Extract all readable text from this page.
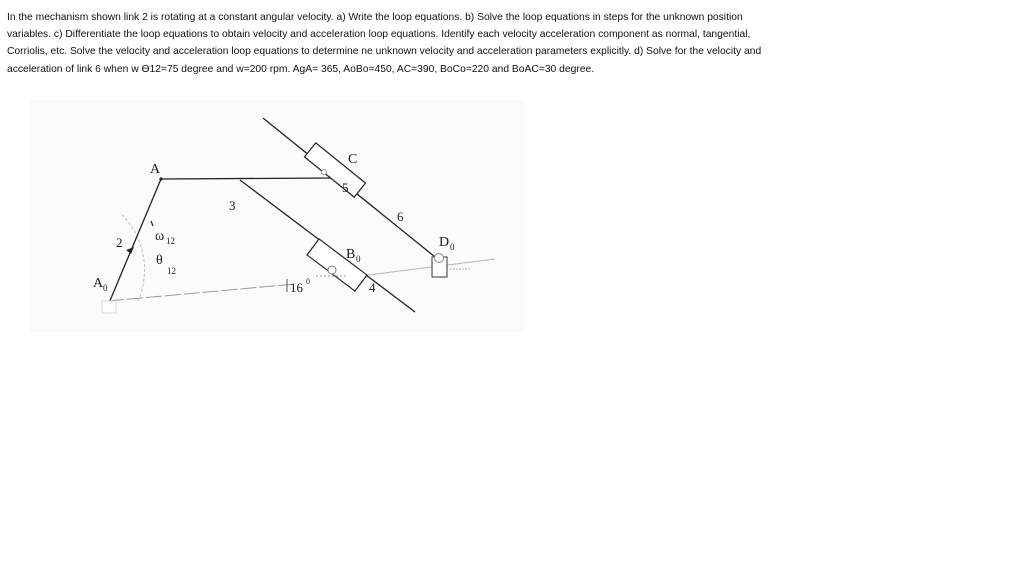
In the mechanism shown link 2 is rotating at a constant angular velocity. a) Write the loop equations. b) Solve the loop equations in steps for the unknown position variables. c) Differentiate the loop equations to obtain velocity and acceleration loop equations. Identify each velocity acceleration component as normal, tangential, Corriolis, etc. Solve the velocity and acceleration loop equations to determine ne unknown velocity and acceleration parameters explicitly. d) Solve for the velocity and acceleration of link 6 when w Ɵ12=75 degree and w=200 rpm. AgA= 365, AoBo=450, AC=390, BoCo=220 and BoAC=30 degree.

A
C
5
3
6
2
4
ω 12
θ
12
A 0
B 0
D 0
16 0
